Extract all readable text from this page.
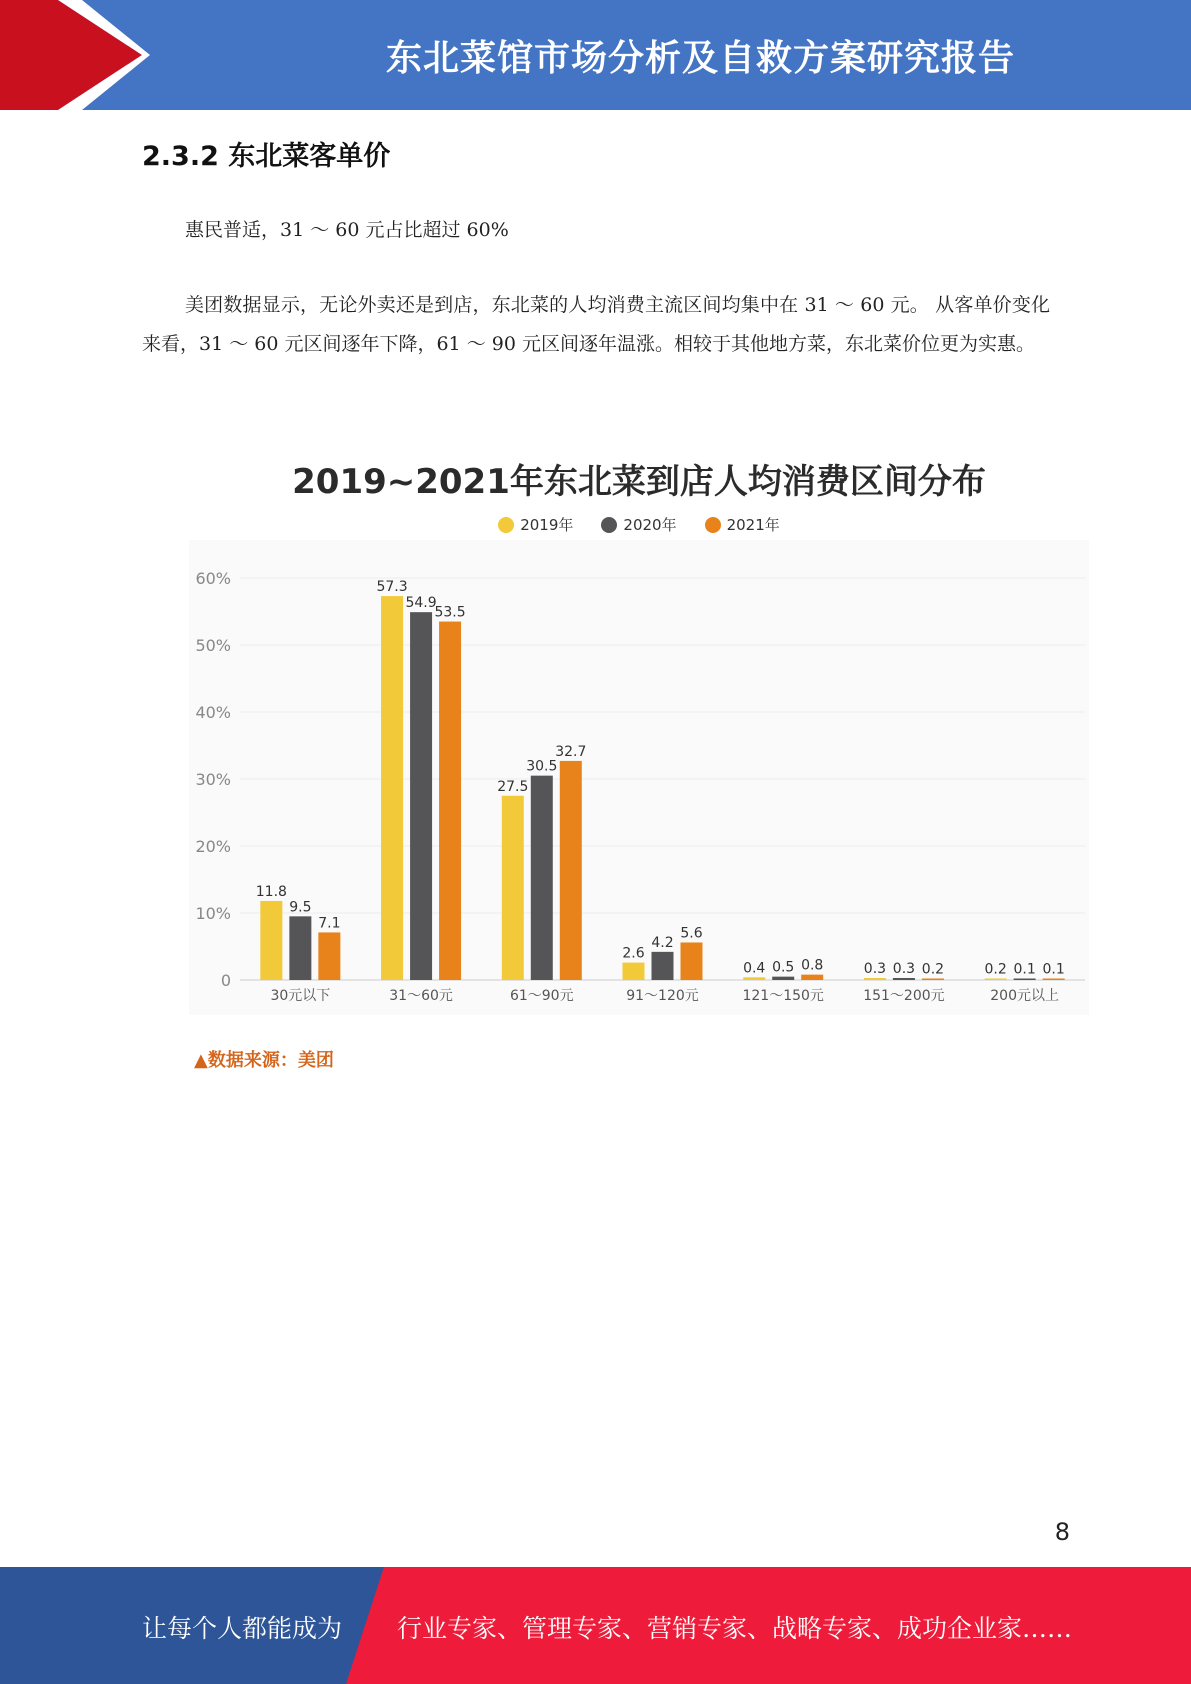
东北菜馆市场分析及自救方案研究报告
2.3.2 东北菜客单价
惠民普适，31 ～ 60 元占比超过 60%
美团数据显示，无论外卖还是到店，东北菜的人均消费主流区间均集中在 31 ～ 60 元。 从客单价变化来看，31 ～ 60 元区间逐年下降，61 ～ 90 元区间逐年温涨。相较于其他地方菜，东北菜价位更为实惠。
0
10%
20%
30%
40%
50%
60%
11.8
9.5
7.1
30元以下
57.3
54.9
53.5
31～60元
27.5
30.5
32.7
61～90元
2.6
4.2
5.6
91～120元
0.4 0.5 0.8
121～150元
0.3 0.3 0.2
151～200元
0.2 0.1 0.1
200元以上
2019~2021年东北菜到店人均消费区间分布
2019年	2020年	2021年
▲数据来源：美团
8
让每个人都能成为 行业专家、管理专家、营销专家、战略专家、成功企业家……
